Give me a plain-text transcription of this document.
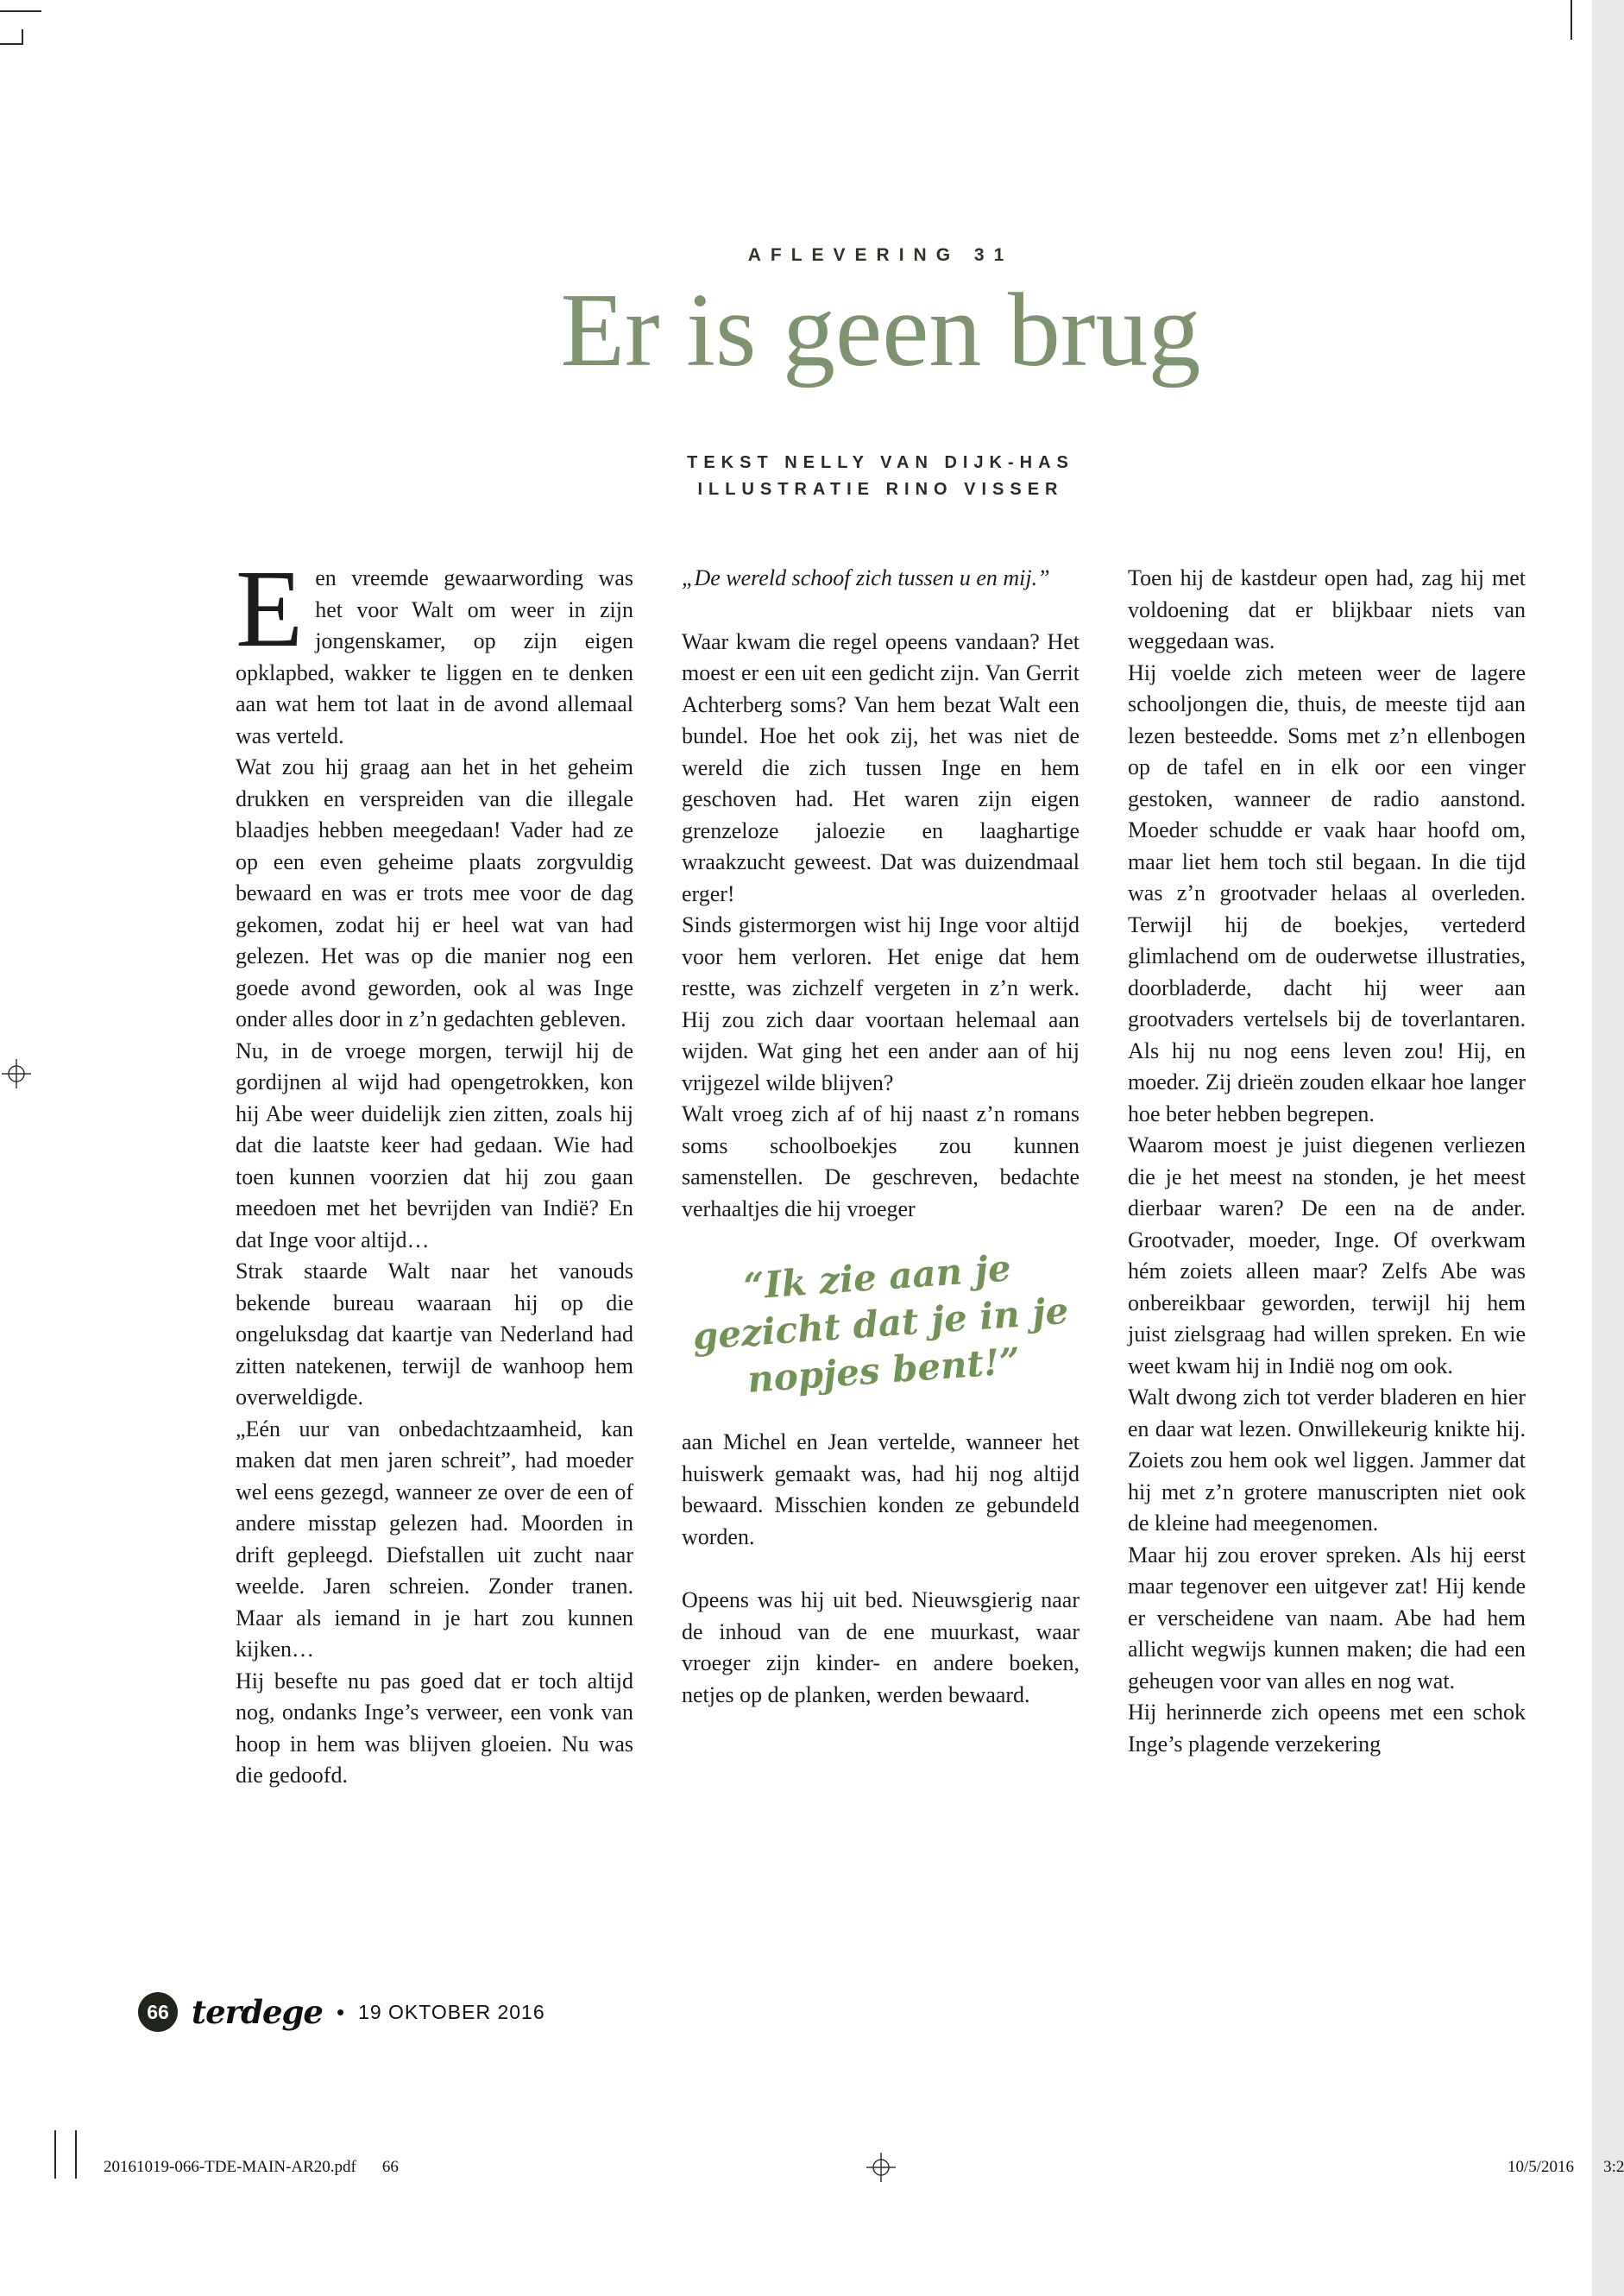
AFLEVERING 31
Er is geen brug
TEKST NELLY VAN DIJK-HAS
ILLUSTRATIE RINO VISSER

Een vreemde gewaarwording was het voor Walt om weer in zijn jongenskamer, op zijn eigen opklapbed, wakker te liggen en te denken aan wat hem tot laat in de avond allemaal was verteld.

Wat zou hij graag aan het in het geheim drukken en verspreiden van die illegale blaadjes hebben meegedaan! Vader had ze op een even geheime plaats zorgvuldig bewaard en was er trots mee voor de dag gekomen, zodat hij er heel wat van had gelezen. Het was op die manier nog een goede avond geworden, ook al was Inge onder alles door in z’n gedachten gebleven.

Nu, in de vroege morgen, terwijl hij de gordijnen al wijd had opengetrokken, kon hij Abe weer duidelijk zien zitten, zoals hij dat die laatste keer had gedaan. Wie had toen kunnen voorzien dat hij zou gaan meedoen met het bevrijden van Indië? En dat Inge voor altijd…

Strak staarde Walt naar het vanouds bekende bureau waaraan hij op die ongeluksdag dat kaartje van Nederland had zitten natekenen, terwijl de wanhoop hem overweldigde.

„Eén uur van onbedachtzaamheid, kan maken dat men jaren schreit”, had moeder wel eens gezegd, wanneer ze over de een of andere misstap gelezen had. Moorden in drift gepleegd. Diefstallen uit zucht naar weelde. Jaren schreien. Zonder tranen. Maar als iemand in je hart zou kunnen kijken…

Hij besefte nu pas goed dat er toch altijd nog, ondanks Inge’s verweer, een vonk van hoop in hem was blijven gloeien. Nu was die gedoofd.

„De wereld schoof zich tussen u en mij.”

Waar kwam die regel opeens vandaan? Het moest er een uit een gedicht zijn. Van Gerrit Achterberg soms? Van hem bezat Walt een bundel. Hoe het ook zij, het was niet de wereld die zich tussen Inge en hem geschoven had. Het waren zijn eigen grenzeloze jaloezie en laaghartige wraakzucht geweest. Dat was duizendmaal erger!

Sinds gistermorgen wist hij Inge voor altijd voor hem verloren. Het enige dat hem restte, was zichzelf vergeten in z’n werk. Hij zou zich daar voortaan helemaal aan wijden. Wat ging het een ander aan of hij vrijgezel wilde blijven?

Walt vroeg zich af of hij naast z’n romans soms schoolboekjes zou kunnen samenstellen. De geschreven, bedachte verhaaltjes die hij vroeger

“Ik zie aan je
gezicht dat je in je
nopjes bent!”

aan Michel en Jean vertelde, wanneer het huiswerk gemaakt was, had hij nog altijd bewaard. Misschien konden ze gebundeld worden.

Opeens was hij uit bed. Nieuwsgierig naar de inhoud van de ene muurkast, waar vroeger zijn kinder- en andere boeken, netjes op de planken, werden bewaard.

Toen hij de kastdeur open had, zag hij met voldoening dat er blijkbaar niets van weggedaan was.

Hij voelde zich meteen weer de lagere schooljongen die, thuis, de meeste tijd aan lezen besteedde. Soms met z’n ellenbogen op de tafel en in elk oor een vinger gestoken, wanneer de radio aanstond. Moeder schudde er vaak haar hoofd om, maar liet hem toch stil begaan. In die tijd was z’n grootvader helaas al overleden. Terwijl hij de boekjes, vertederd glimlachend om de ouderwetse illustraties, doorbladerde, dacht hij weer aan grootvaders vertelsels bij de toverlantaren. Als hij nu nog eens leven zou! Hij, en moeder. Zij drieën zouden elkaar hoe langer hoe beter hebben begrepen.

Waarom moest je juist diegenen verliezen die je het meest na stonden, je het meest dierbaar waren? De een na de ander. Grootvader, moeder, Inge. Of overkwam hém zoiets alleen maar? Zelfs Abe was onbereikbaar geworden, terwijl hij hem juist zielsgraag had willen spreken. En wie weet kwam hij in Indië nog om ook.

Walt dwong zich tot verder bladeren en hier en daar wat lezen. Onwillekeurig knikte hij. Zoiets zou hem ook wel liggen. Jammer dat hij met z’n grotere manuscripten niet ook de kleine had meegenomen.

Maar hij zou erover spreken. Als hij eerst maar tegenover een uitgever zat! Hij kende er verscheidene van naam. Abe had hem allicht wegwijs kunnen maken; die had een geheugen voor van alles en nog wat.

Hij herinnerde zich opeens met een schok Inge’s plagende verzekering

66 terdege • 19 OKTOBER 2016
20161019-066-TDE-MAIN-AR20.pdf 66	10/5/2016 3:2
